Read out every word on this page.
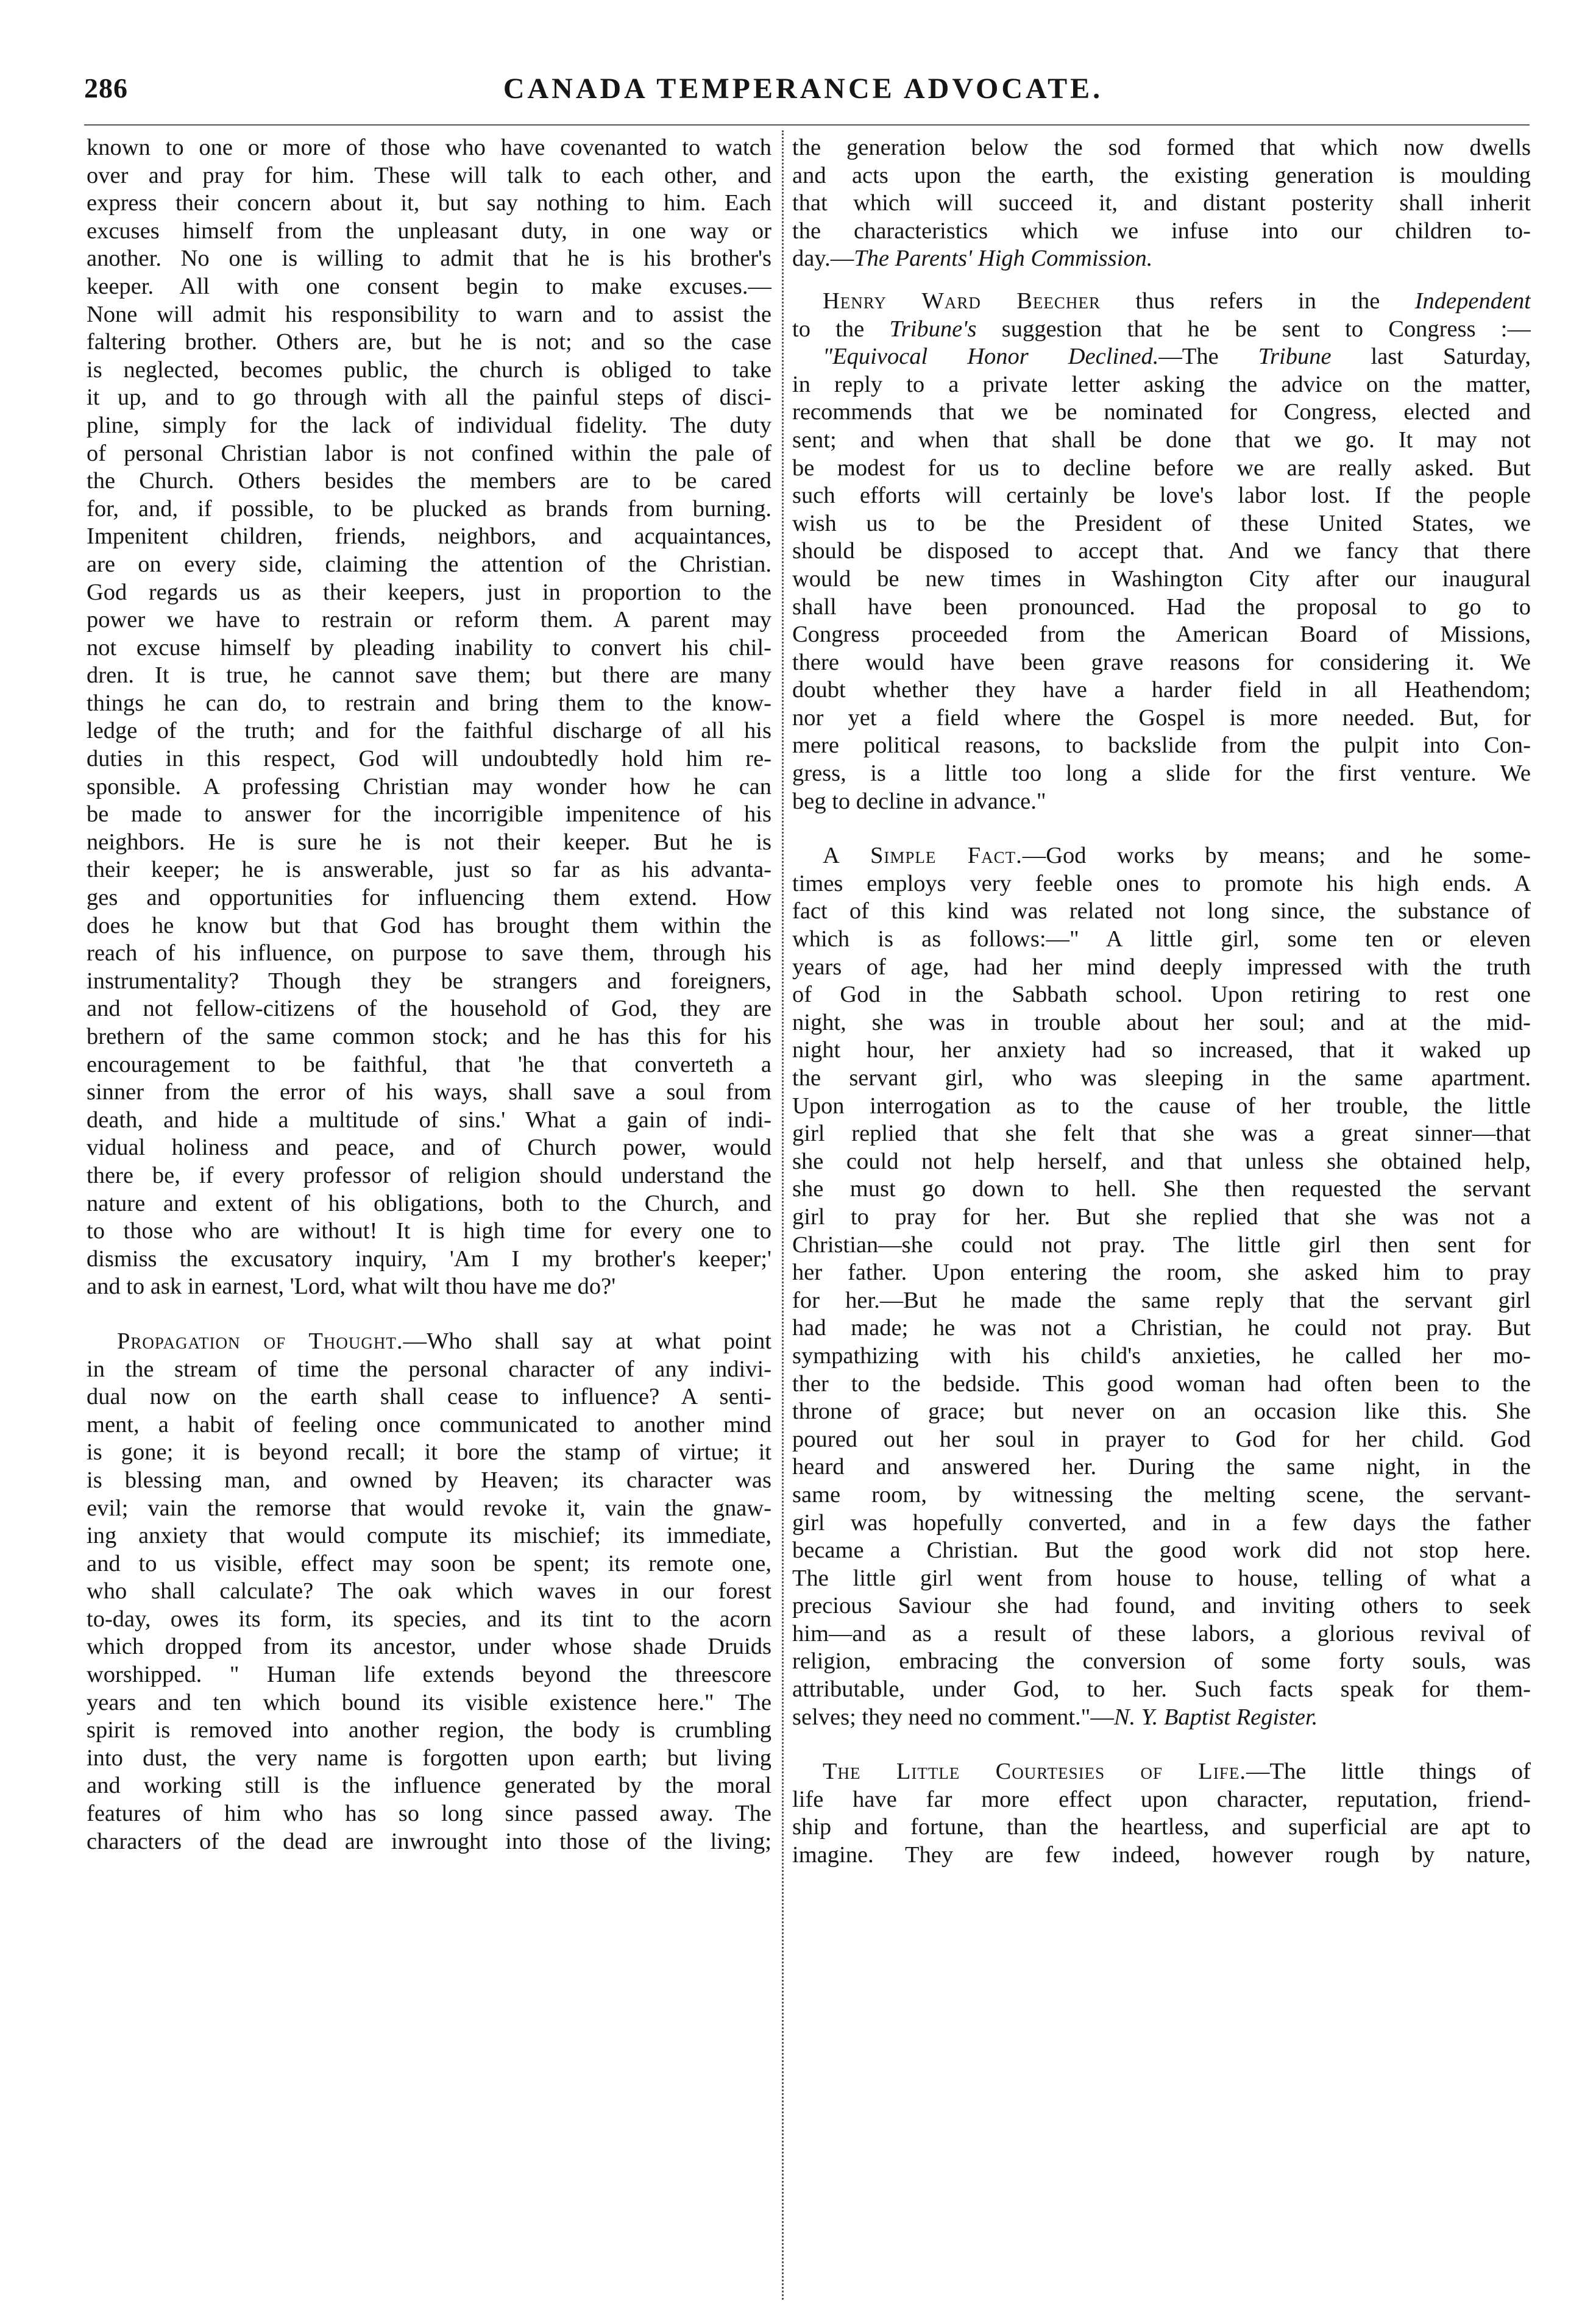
286	CANADA TEMPERANCE ADVOCATE.
known to one or more of those who have covenanted to watch
over and pray for him. These will talk to each other, and
express their concern about it, but say nothing to him. Each
excuses himself from the unpleasant duty, in one way or
another. No one is willing to admit that he is his brother's
keeper. All with one consent begin to make excuses.—
None will admit his responsibility to warn and to assist the
faltering brother. Others are, but he is not; and so the case
is neglected, becomes public, the church is obliged to take
it up, and to go through with all the painful steps of disci-
pline, simply for the lack of individual fidelity. The duty
of personal Christian labor is not confined within the pale of
the Church. Others besides the members are to be cared
for, and, if possible, to be plucked as brands from burning.
Impenitent children, friends, neighbors, and acquaintances,
are on every side, claiming the attention of the Christian.
God regards us as their keepers, just in proportion to the
power we have to restrain or reform them. A parent may
not excuse himself by pleading inability to convert his chil-
dren. It is true, he cannot save them; but there are many
things he can do, to restrain and bring them to the know-
ledge of the truth; and for the faithful discharge of all his
duties in this respect, God will undoubtedly hold him re-
sponsible. A professing Christian may wonder how he can
be made to answer for the incorrigible impenitence of his
neighbors. He is sure he is not their keeper. But he is
their keeper; he is answerable, just so far as his advanta-
ges and opportunities for influencing them extend. How
does he know but that God has brought them within the
reach of his influence, on purpose to save them, through his
instrumentality? Though they be strangers and foreigners,
and not fellow-citizens of the household of God, they are
brethern of the same common stock; and he has this for his
encouragement to be faithful, that 'he that converteth a
sinner from the error of his ways, shall save a soul from
death, and hide a multitude of sins.' What a gain of indi-
vidual holiness and peace, and of Church power, would
there be, if every professor of religion should understand the
nature and extent of his obligations, both to the Church, and
to those who are without! It is high time for every one to
dismiss the excusatory inquiry, 'Am I my brother's keeper;'
and to ask in earnest, 'Lord, what wilt thou have me do?'
Propagation of Thought.—Who shall say at what point
in the stream of time the personal character of any indivi-
dual now on the earth shall cease to influence? A senti-
ment, a habit of feeling once communicated to another mind
is gone; it is beyond recall; it bore the stamp of virtue; it
is blessing man, and owned by Heaven; its character was
evil; vain the remorse that would revoke it, vain the gnaw-
ing anxiety that would compute its mischief; its immediate,
and to us visible, effect may soon be spent; its remote one,
who shall calculate? The oak which waves in our forest
to-day, owes its form, its species, and its tint to the acorn
which dropped from its ancestor, under whose shade Druids
worshipped. " Human life extends beyond the threescore
years and ten which bound its visible existence here." The
spirit is removed into another region, the body is crumbling
into dust, the very name is forgotten upon earth; but living
and working still is the influence generated by the moral
features of him who has so long since passed away. The
characters of the dead are inwrought into those of the living;
the generation below the sod formed that which now dwells
and acts upon the earth, the existing generation is moulding
that which will succeed it, and distant posterity shall inherit
the characteristics which we infuse into our children to-
day.—The Parents' High Commission.
Henry Ward Beecher thus refers in the Independent
to the Tribune's suggestion that he be sent to Congress :—
"Equivocal Honor Declined.—The Tribune last Saturday,
in reply to a private letter asking the advice on the matter,
recommends that we be nominated for Congress, elected and
sent; and when that shall be done that we go. It may not
be modest for us to decline before we are really asked. But
such efforts will certainly be love's labor lost. If the people
wish us to be the President of these United States, we
should be disposed to accept that. And we fancy that there
would be new times in Washington City after our inaugural
shall have been pronounced. Had the proposal to go to
Congress proceeded from the American Board of Missions,
there would have been grave reasons for considering it. We
doubt whether they have a harder field in all Heathendom;
nor yet a field where the Gospel is more needed. But, for
mere political reasons, to backslide from the pulpit into Con-
gress, is a little too long a slide for the first venture. We
beg to decline in advance."
A Simple Fact.—God works by means; and he some-
times employs very feeble ones to promote his high ends. A
fact of this kind was related not long since, the substance of
which is as follows:—" A little girl, some ten or eleven
years of age, had her mind deeply impressed with the truth
of God in the Sabbath school. Upon retiring to rest one
night, she was in trouble about her soul; and at the mid-
night hour, her anxiety had so increased, that it waked up
the servant girl, who was sleeping in the same apartment.
Upon interrogation as to the cause of her trouble, the little
girl replied that she felt that she was a great sinner—that
she could not help herself, and that unless she obtained help,
she must go down to hell. She then requested the servant
girl to pray for her. But she replied that she was not a
Christian—she could not pray. The little girl then sent for
her father. Upon entering the room, she asked him to pray
for her.—But he made the same reply that the servant girl
had made; he was not a Christian, he could not pray. But
sympathizing with his child's anxieties, he called her mo-
ther to the bedside. This good woman had often been to the
throne of grace; but never on an occasion like this. She
poured out her soul in prayer to God for her child. God
heard and answered her. During the same night, in the
same room, by witnessing the melting scene, the servant-
girl was hopefully converted, and in a few days the father
became a Christian. But the good work did not stop here.
The little girl went from house to house, telling of what a
precious Saviour she had found, and inviting others to seek
him—and as a result of these labors, a glorious revival of
religion, embracing the conversion of some forty souls, was
attributable, under God, to her. Such facts speak for them-
selves; they need no comment."—N. Y. Baptist Register.
The Little Courtesies of Life.—The little things of
life have far more effect upon character, reputation, friend-
ship and fortune, than the heartless, and superficial are apt to
imagine. They are few indeed, however rough by nature,
